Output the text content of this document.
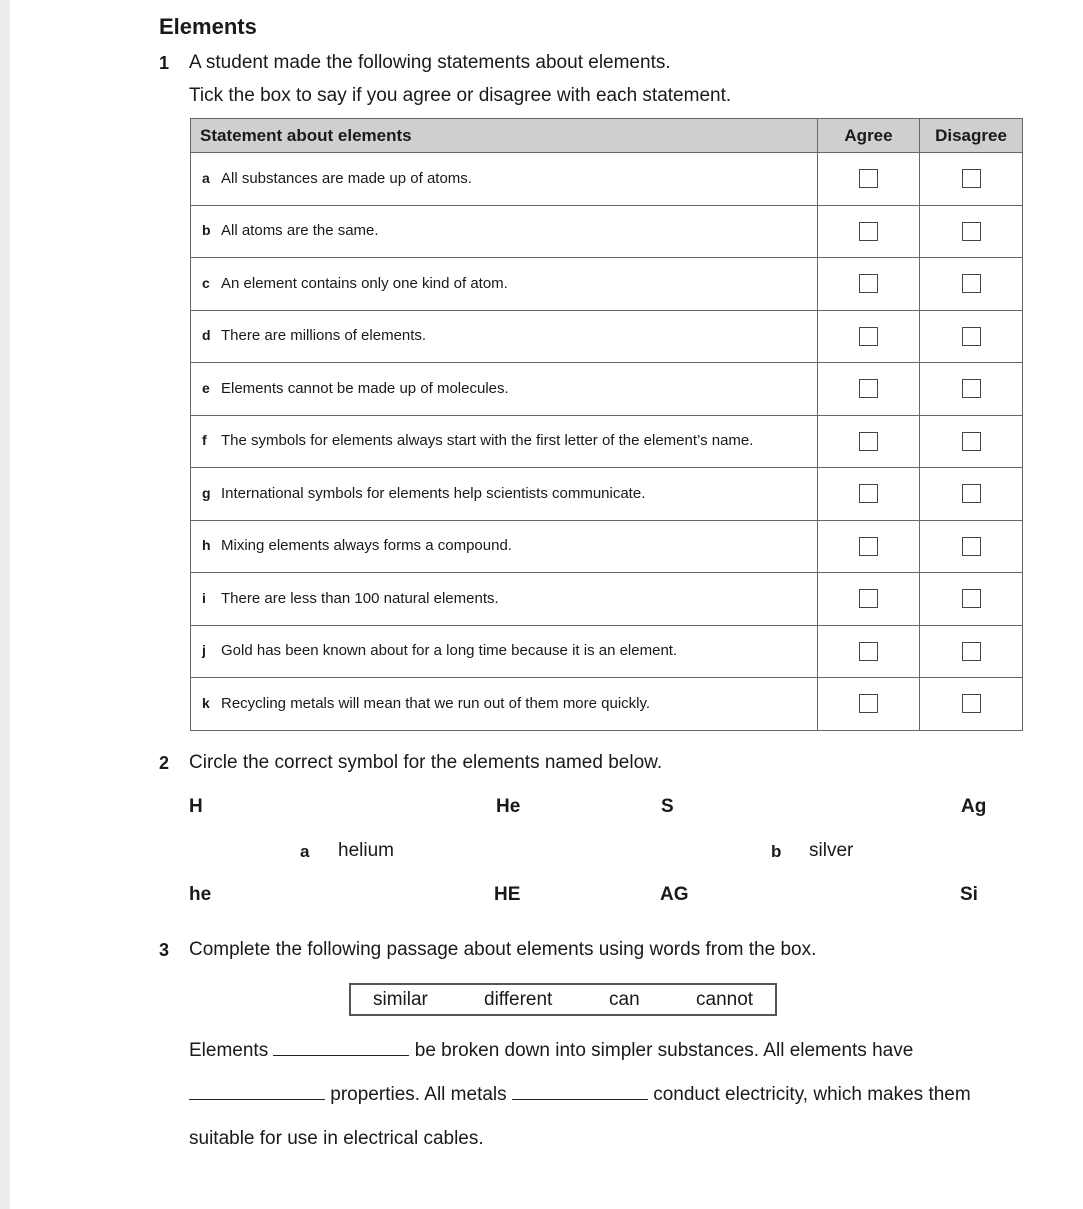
Elements
1 A student made the following statements about elements.
Tick the box to say if you agree or disagree with each statement.
Statement about elements	Agree	Disagree
a All substances are made up of atoms.	

b All atoms are the same.	

c An element contains only one kind of atom.	

d There are millions of elements.	

e Elements cannot be made up of molecules.	

f The symbols for elements always start with the first letter of the element’s name.	

g International symbols for elements help scientists communicate.	

h Mixing elements always forms a compound.	

i There are less than 100 natural elements.	

j Gold has been known about for a long time because it is an element.	

k Recycling metals will mean that we run out of them more quickly.	

2 Circle the correct symbol for the elements named below.
H	He	S	Ag
a helium	b silver
he	HE	AG	Si
3 Complete the following passage about elements using words from the box.
similar	different	can	cannot
Elements	be broken down into simpler substances. All elements have
properties. All metals	conduct electricity, which makes them
suitable for use in electrical cables.
